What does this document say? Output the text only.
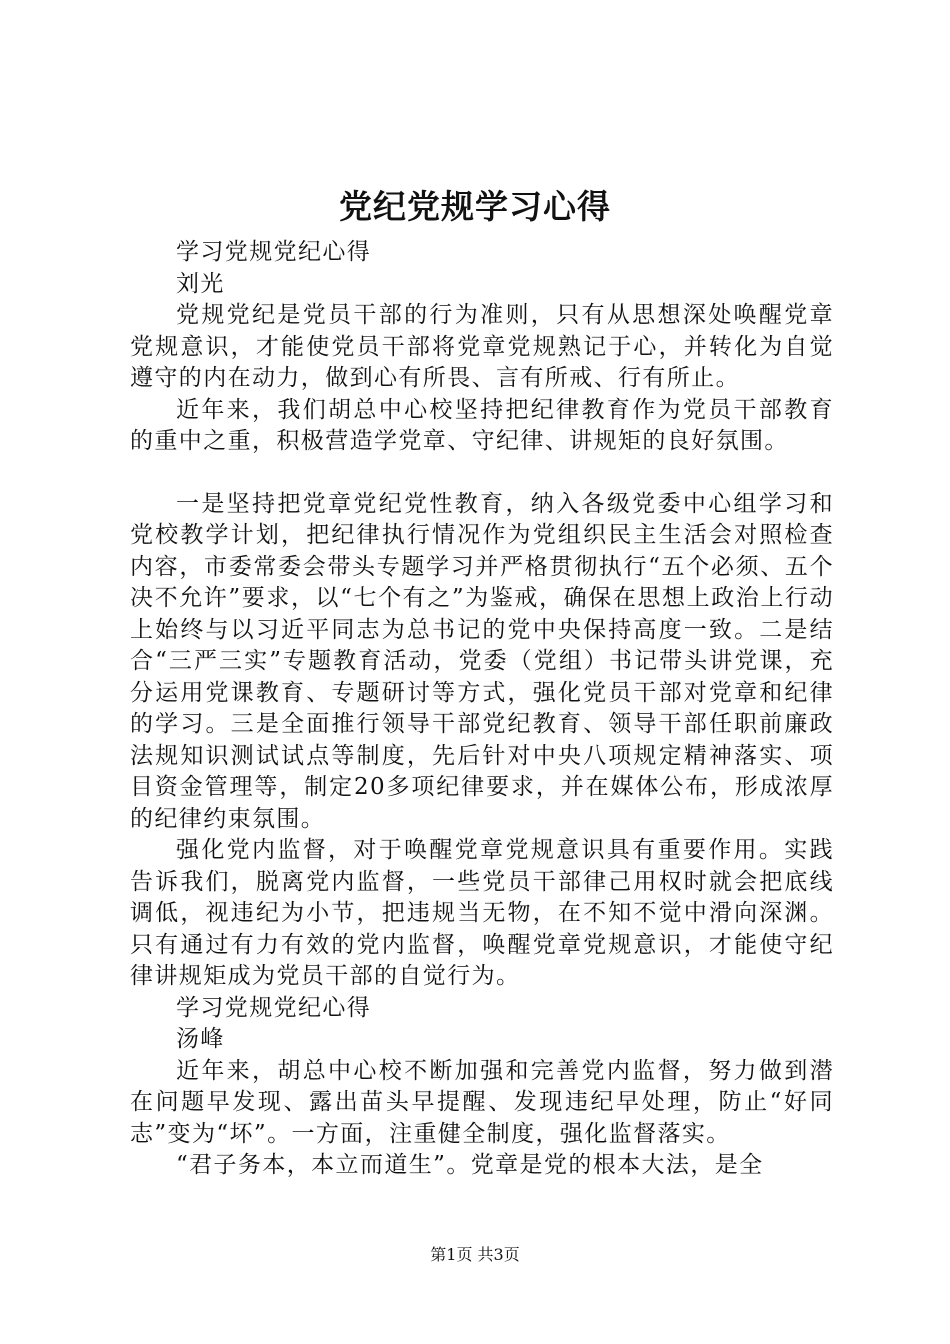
党纪党规学习心得

学习党规党纪心得

刘光

党规党纪是党员干部的行为准则，只有从思想深处唤醒党章党规意识，才能使党员干部将党章党规熟记于心，并转化为自觉遵守的内在动力，做到心有所畏、言有所戒、行有所止。

近年来，我们胡总中心校坚持把纪律教育作为党员干部教育的重中之重，积极营造学党章、守纪律、讲规矩的良好氛围。

一是坚持把党章党纪党性教育，纳入各级党委中心组学习和党校教学计划，把纪律执行情况作为党组织民主生活会对照检查内容，市委常委会带头专题学习并严格贯彻执行“五个必须、五个决不允许”要求，以“七个有之”为鉴戒，确保在思想上政治上行动上始终与以习近平同志为总书记的党中央保持高度一致。二是结合“三严三实”专题教育活动，党委（党组）书记带头讲党课，充分运用党课教育、专题研讨等方式，强化党员干部对党章和纪律的学习。三是全面推行领导干部党纪教育、领导干部任职前廉政法规知识测试试点等制度，先后针对中央八项规定精神落实、项目资金管理等，制定20多项纪律要求，并在媒体公布，形成浓厚的纪律约束氛围。

强化党内监督，对于唤醒党章党规意识具有重要作用。实践告诉我们，脱离党内监督，一些党员干部律己用权时就会把底线调低，视违纪为小节，把违规当无物，在不知不觉中滑向深渊。只有通过有力有效的党内监督，唤醒党章党规意识，才能使守纪律讲规矩成为党员干部的自觉行为。

学习党规党纪心得

汤峰

近年来，胡总中心校不断加强和完善党内监督，努力做到潜在问题早发现、露出苗头早提醒、发现违纪早处理，防止“好同志”变为“坏”。一方面，注重健全制度，强化监督落实。

“君子务本，本立而道生”。党章是党的根本大法，是全

第1页 共3页
